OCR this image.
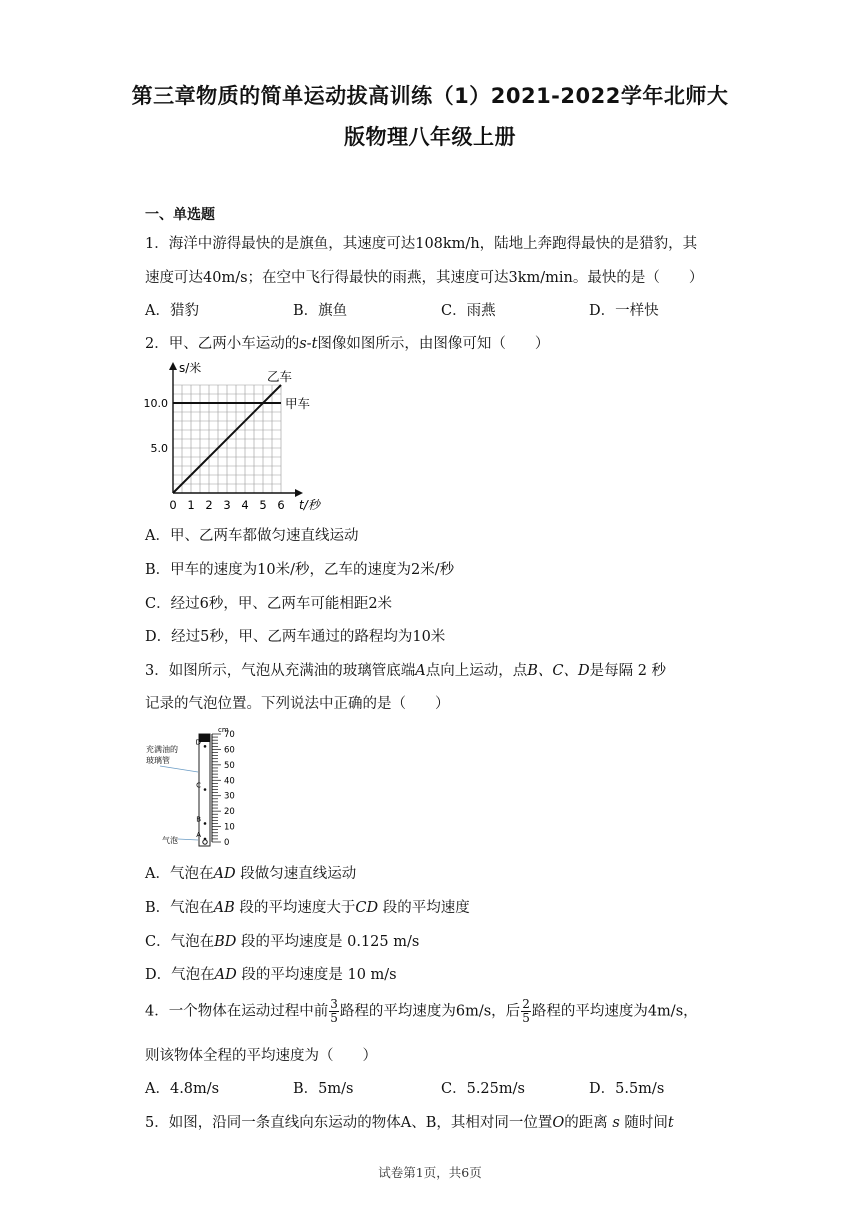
第三章物质的简单运动拔高训练（1）2021-2022学年北师大
版物理八年级上册
一、单选题
1．海洋中游得最快的是旗鱼，其速度可达108km/h，陆地上奔跑得最快的是猎豹，其
速度可达40m/s；在空中飞行得最快的雨燕，其速度可达3km/min。最快的是（　　）
A．猎豹	B．旗鱼	C．雨燕	D．一样快
2．甲、乙两小车运动的s-t图像如图所示，由图像可知（　　）
s/米
t/秒
0 1 2 3 4 5 6
5.0
10.0	甲车
乙车
A．甲、乙两车都做匀速直线运动
B．甲车的速度为10米/秒，乙车的速度为2米/秒
C．经过6秒，甲、乙两车可能相距2米
D．经过5秒，甲、乙两车通过的路程均为10米
3．如图所示，气泡从充满油的玻璃管底端A点向上运动，点B、C、D是每隔 2 秒
记录的气泡位置。下列说法中正确的是（　　）
充满油的
玻璃管
气泡
cm
0
10
20
30
40
50
60
70
A
B
C
D
A．气泡在AD 段做匀速直线运动
B．气泡在AB 段的平均速度大于CD 段的平均速度
C．气泡在BD 段的平均速度是 0.125 m/s
D．气泡在AD 段的平均速度是 10 m/s
4．一个物体在运动过程中前 $\frac{3}{5}$ 路程的平均速度为6m/s，后 $\frac{2}{5}$ 路程的平均速度为4m/s，
则该物体全程的平均速度为（　　）
A．4.8m/s	B．5m/s	C．5.25m/s	D．5.5m/s
5．如图，沿同一条直线向东运动的物体A、B，其相对同一位置O的距离 s 随时间t
试卷第1页，共6页
